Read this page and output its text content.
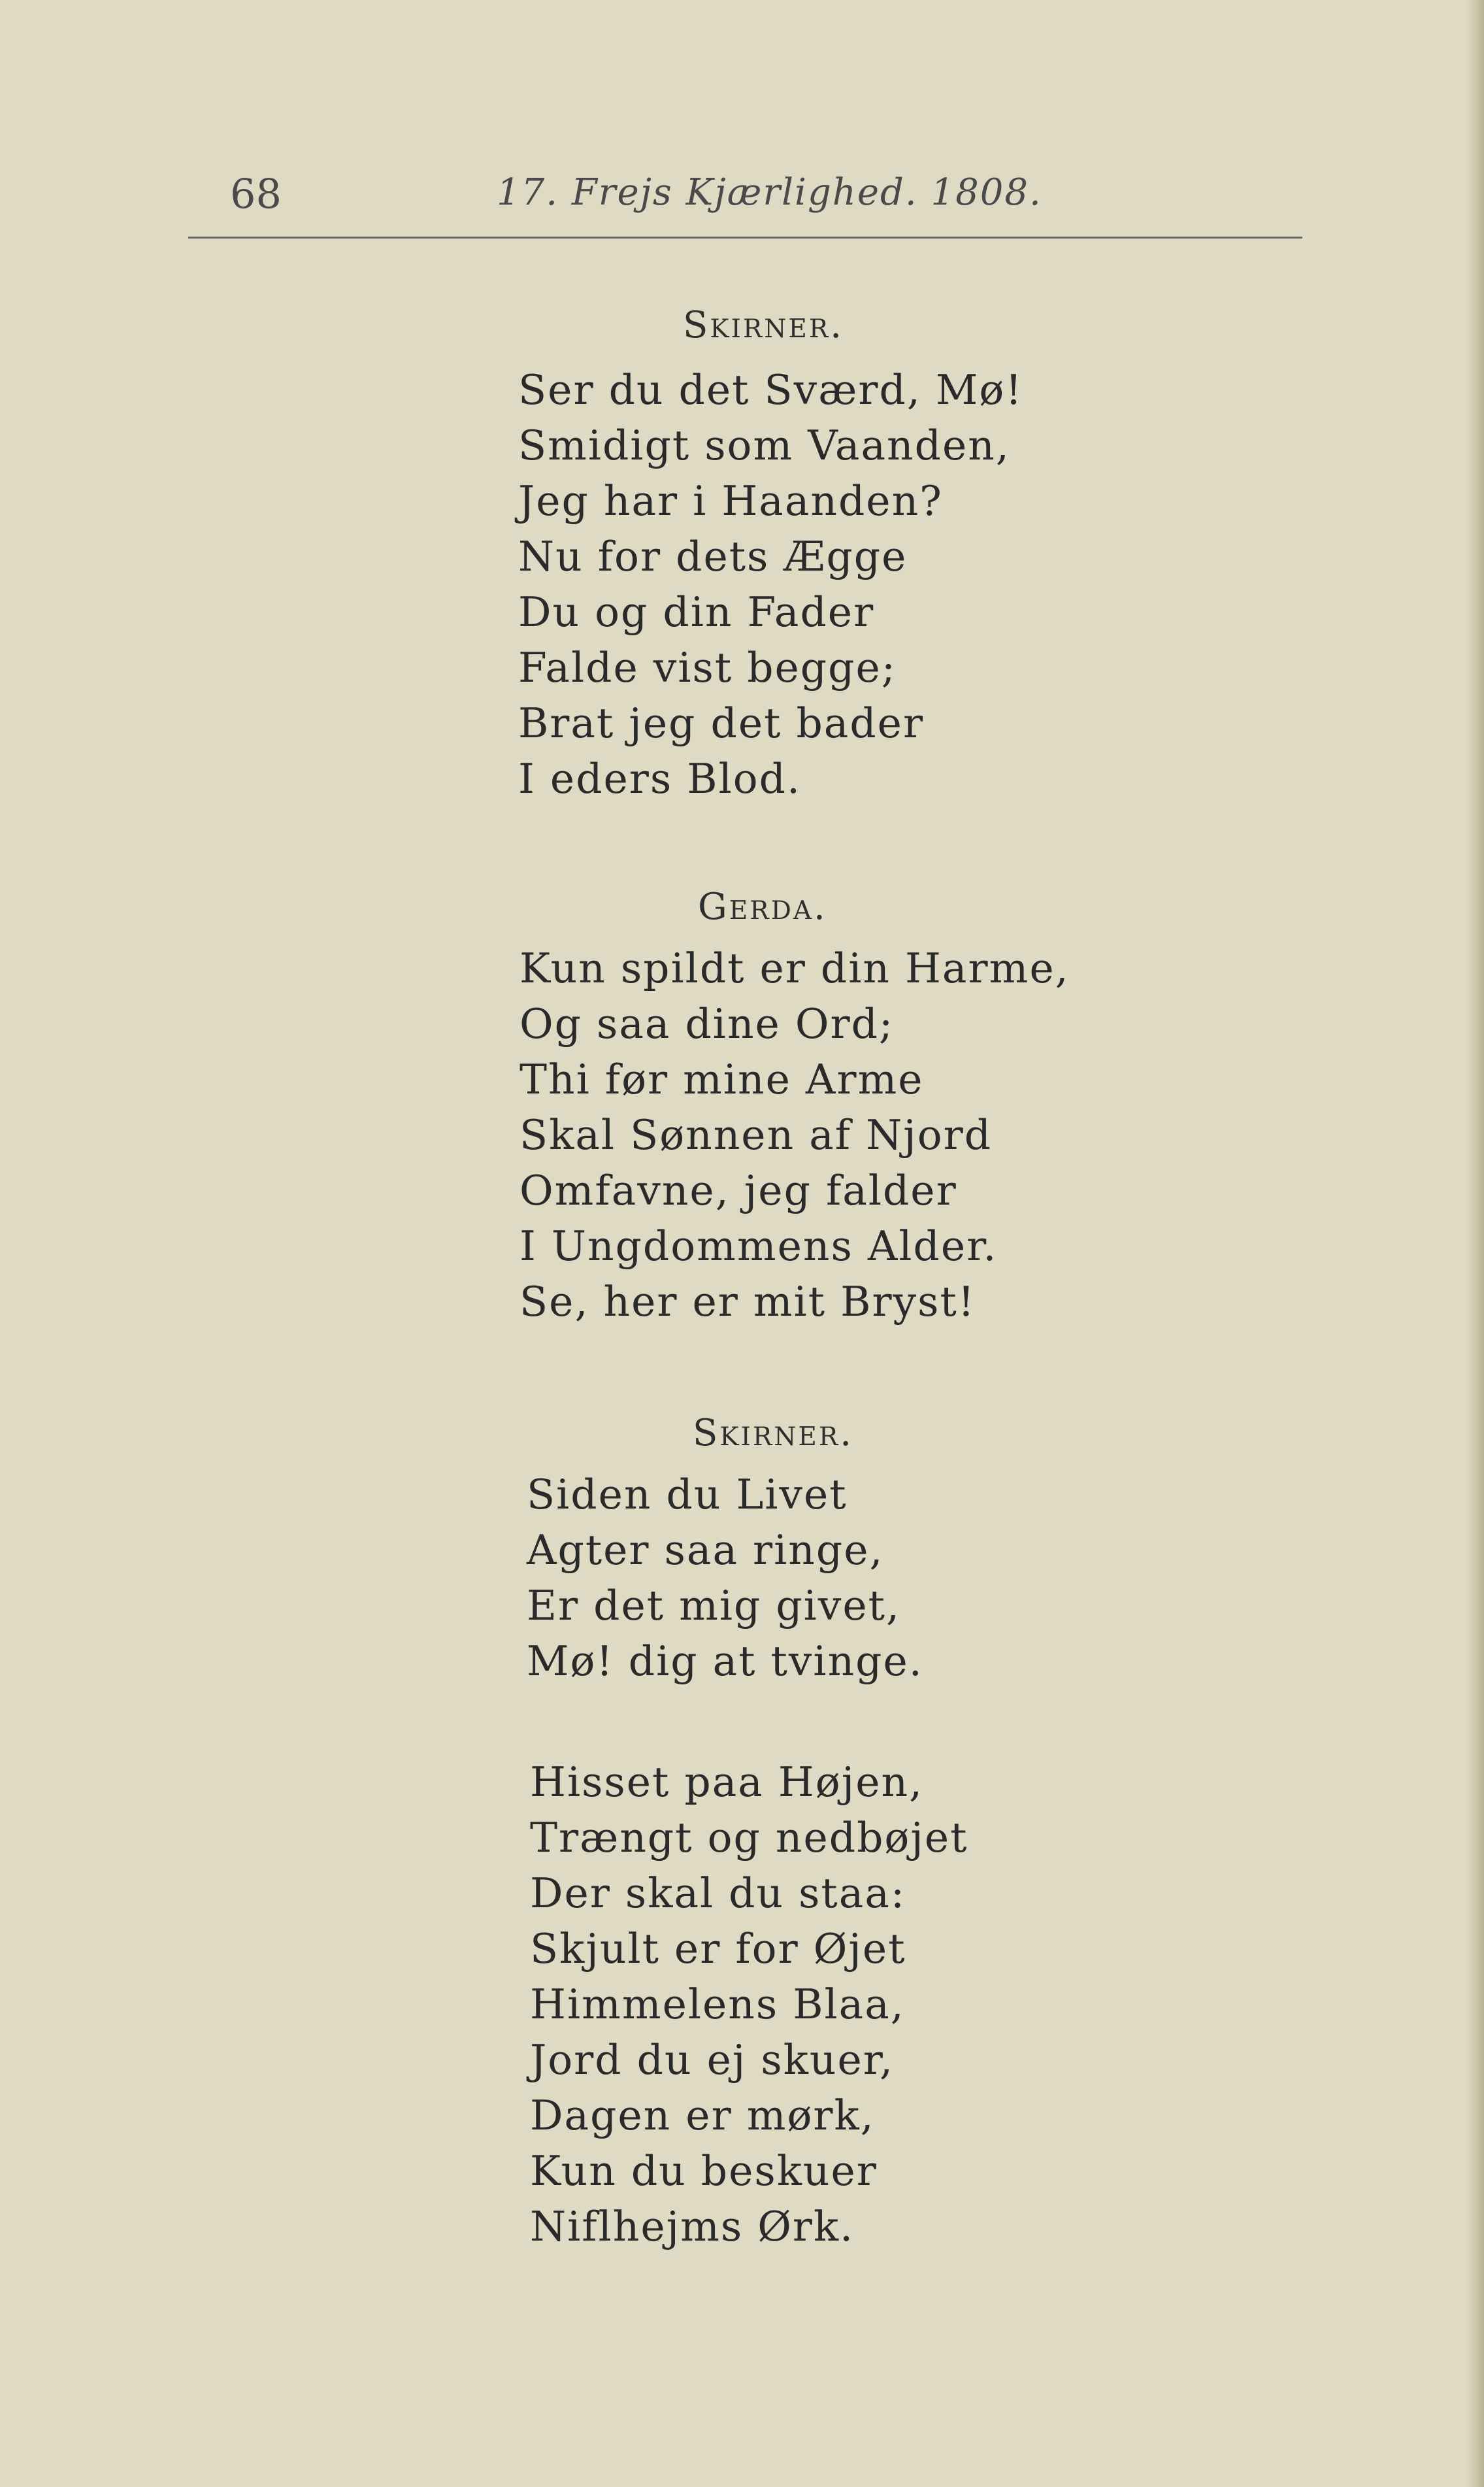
68	17. Frejs Kjærlighed. 1808.
Skirner.
Ser du det Sværd, Mø!
Smidigt som Vaanden,
Jeg har i Haanden?
Nu for dets Ægge
Du og din Fader
Falde vist begge;
Brat jeg det bader
I eders Blod.
Gerda.
Kun spildt er din Harme,
Og saa dine Ord;
Thi før mine Arme
Skal Sønnen af Njord
Omfavne, jeg falder
I Ungdommens Alder.
Se, her er mit Bryst!
Skirner.
Siden du Livet
Agter saa ringe,
Er det mig givet,
Mø! dig at tvinge.
Hisset paa Højen,
Trængt og nedbøjet
Der skal du staa:
Skjult er for Øjet
Himmelens Blaa,
Jord du ej skuer,
Dagen er mørk,
Kun du beskuer
Niflhejms Ørk.
